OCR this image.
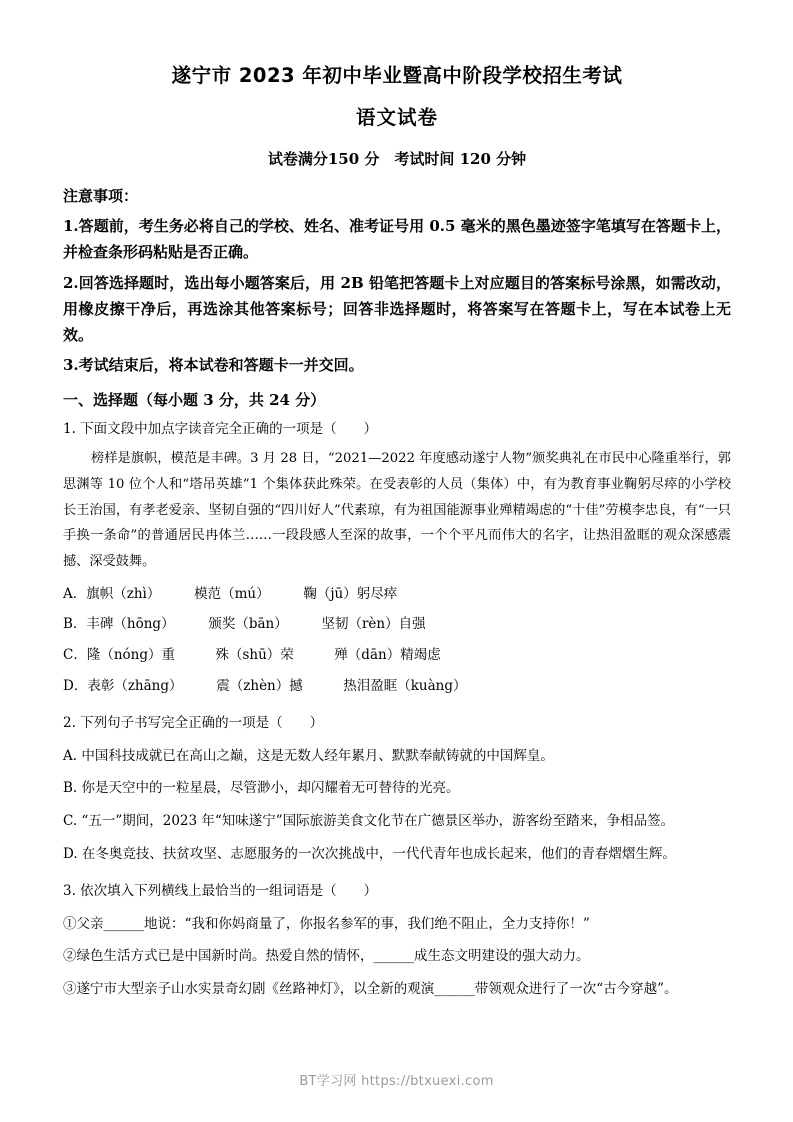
遂宁市 2023 年初中毕业暨高中阶段学校招生考试
语文试卷
试卷满分150 分　考试时间 120 分钟
注意事项：
1.答题前，考生务必将自己的学校、姓名、准考证号用 0.5 毫米的黑色墨迹签字笔填写在答题卡上，并检查条形码粘贴是否正确。
2.回答选择题时，选出每小题答案后，用 2B 铅笔把答题卡上对应题目的答案标号涂黑，如需改动，用橡皮擦干净后，再选涂其他答案标号；回答非选择题时，将答案写在答题卡上，写在本试卷上无效。
3.考试结束后，将本试卷和答题卡一并交回。
一、选择题（每小题 3 分，共 24 分）
1. 下面文段中加点字读音完全正确的一项是（　　）
榜样是旗帜，模范是丰碑。3 月 28 日，“2021—2022 年度感动遂宁人物”颁奖典礼在市民中心隆重举行，郭思渊等 10 位个人和“塔吊英雄”1 个集体获此殊荣。在受表彰的人员（集体）中，有为教育事业鞠躬尽瘁的小学校长王治国，有孝老爱亲、坚韧自强的“四川好人”代素琼，有为祖国能源事业殚精竭虑的“十佳”劳模李忠良，有“一只手换一条命”的普通居民冉体兰……一段段感人至深的故事，一个个平凡而伟大的名字，让热泪盈眶的观众深感震撼、深受鼓舞。
A．旗帜（zhì）　　　模范（mú）　　　鞠（jū）躬尽瘁
B．丰碑（hōng）　　　颁奖（bān）　　　坚韧（rèn）自强
C．隆（nóng）重　　　殊（shū）荣　　　殚（dān）精竭虑
D．表彰（zhāng）　　　震（zhèn）撼　　　热泪盈眶（kuàng）
2. 下列句子书写完全正确的一项是（　　）
A. 中国科技成就已在高山之巅，这是无数人经年累月、默默奉献铸就的中国辉皇。
B. 你是天空中的一粒星晨，尽管渺小，却闪耀着无可替待的光亮。
C. “五一”期间，2023 年“知味遂宁”国际旅游美食文化节在广德景区举办，游客纷至踏来，争相品签。
D. 在冬奥竞技、扶贫攻坚、志愿服务的一次次挑战中，一代代青年也成长起来，他们的青春熠熠生辉。
3. 依次填入下列横线上最恰当的一组词语是（　　）
①父亲______地说：“我和你妈商量了，你报名参军的事，我们绝不阻止，全力支持你！”
②绿色生活方式已是中国新时尚。热爱自然的情怀，______成生态文明建设的强大动力。
③遂宁市大型亲子山水实景奇幻剧《丝路神灯》，以全新的观演______带领观众进行了一次“古今穿越”。
BT学习网 https://btxuexi.com
